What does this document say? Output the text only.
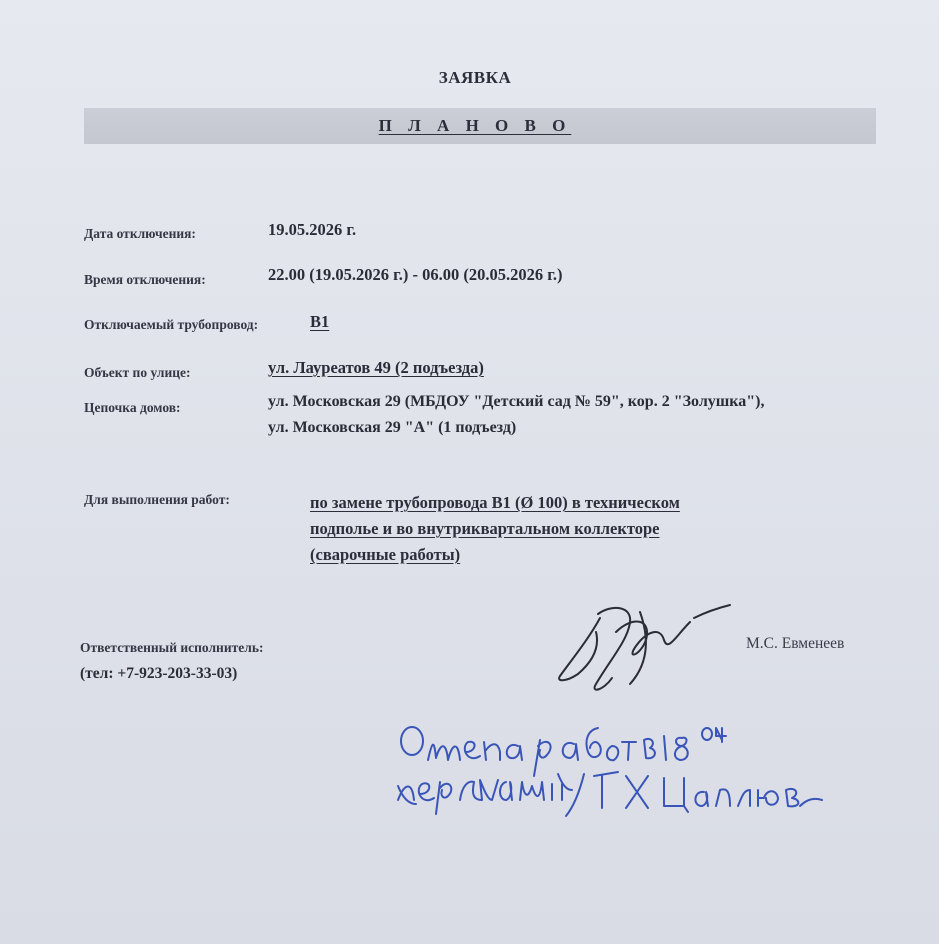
ЗАЯВКА
П Л А Н О В О
Дата отключения:	19.05.2026 г.
Время отключения:	22.00 (19.05.2026 г.) - 06.00 (20.05.2026 г.)
Отключаемый трубопровод:	В1
Объект по улице:	ул. Лауреатов 49 (2 подъезда)
Цепочка домов:	ул. Московская 29 (МБДОУ "Детский сад № 59", кор. 2 "Золушка"),
ул. Московская 29 "А" (1 подъезд)
Для выполнения работ:	по замене трубопровода В1 (Ø 100) в техническом
подполье и во внутриквартальном коллекторе
(сварочные работы)
Ответственный исполнитель:
(тел: +7-923-203-33-03)
М.С. Евменеев
